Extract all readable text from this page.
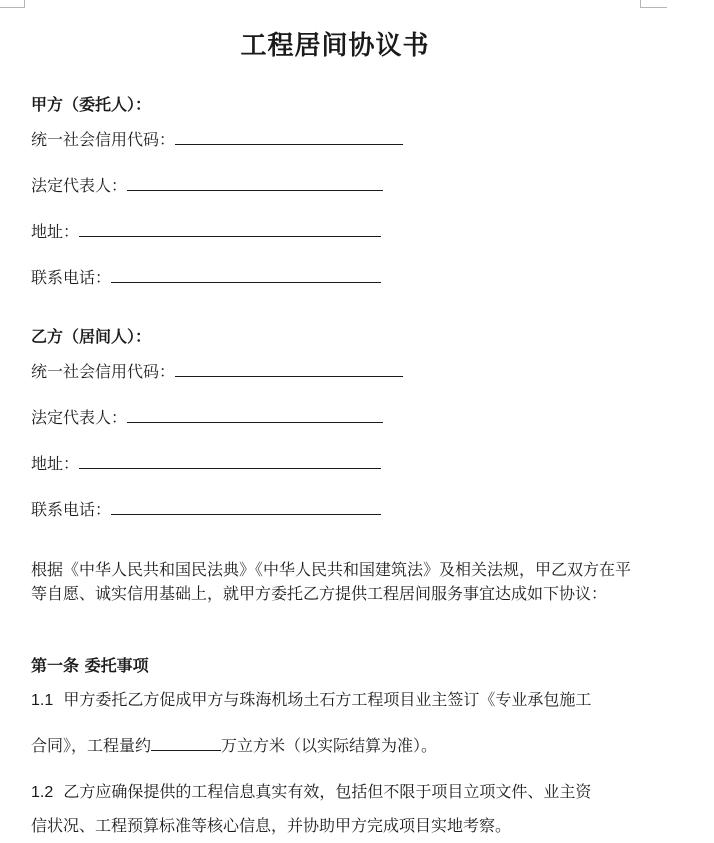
工程居间协议书
甲方（委托人）：
统一社会信用代码：
法定代表人：
地址：
联系电话：
乙方（居间人）：
统一社会信用代码：
法定代表人：
地址：
联系电话：
根据《中华人民共和国民法典》《中华人民共和国建筑法》及相关法规，甲乙双方在平等自愿、诚实信用基础上，就甲方委托乙方提供工程居间服务事宜达成如下协议：
第一条 委托事项
1.1 甲方委托乙方促成甲方与珠海机场土石方工程项目业主签订《专业承包施工
合同》，工程量约	万立方米（以实际结算为准）。
1.2 乙方应确保提供的工程信息真实有效，包括但不限于项目立项文件、业主资
信状况、工程预算标准等核心信息，并协助甲方完成项目实地考察。
